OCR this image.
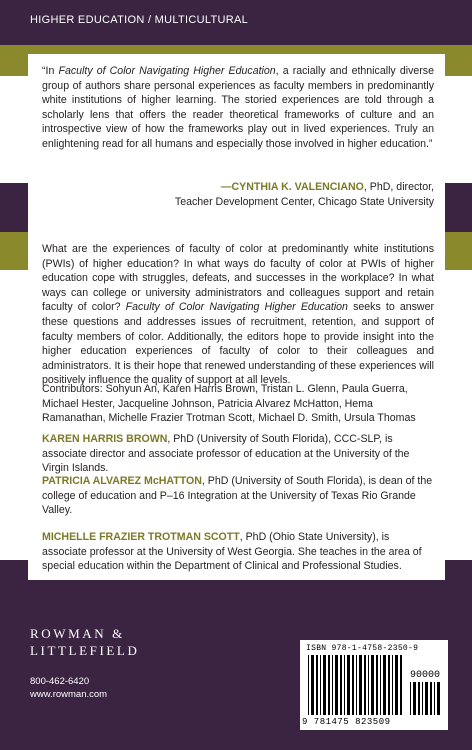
HIGHER EDUCATION / MULTICULTURAL

“In Faculty of Color Navigating Higher Education, a racially and ethnically diverse group of authors share personal experiences as faculty members in predominantly white institutions of higher learning. The storied experiences are told through a scholarly lens that offers the reader theoretical frameworks of culture and an introspective view of how the frameworks play out in lived experiences. Truly an enlightening read for all humans and especially those involved in higher education.”

—CYNTHIA K. VALENCIANO, PhD, director,
Teacher Development Center, Chicago State University

What are the experiences of faculty of color at predominantly white institutions (PWIs) of higher education? In what ways do faculty of color at PWIs of higher education cope with struggles, defeats, and successes in the workplace? In what ways can college or university administrators and colleagues support and retain faculty of color? Faculty of Color Navigating Higher Education seeks to answer these questions and addresses issues of recruitment, retention, and support of faculty members of color. Additionally, the editors hope to provide insight into the higher education experiences of faculty of color to their colleagues and administrators. It is their hope that renewed understanding of these experiences will positively influence the quality of support at all levels.

Contributors: Sohyun An, Karen Harris Brown, Tristan L. Glenn, Paula Guerra, Michael Hester, Jacqueline Johnson, Patricia Alvarez McHatton, Hema Ramanathan, Michelle Frazier Trotman Scott, Michael D. Smith, Ursula Thomas

KAREN HARRIS BROWN, PhD (University of South Florida), CCC-SLP, is associate director and associate professor of education at the University of the Virgin Islands.

PATRICIA ALVAREZ McHATTON, PhD (University of South Florida), is dean of the college of education and P–16 Integration at the University of Texas Rio Grande Valley.

MICHELLE FRAZIER TROTMAN SCOTT, PhD (Ohio State University), is associate professor at the University of West Georgia. She teaches in the area of special education within the Department of Clinical and Professional Studies.

ROWMAN &
LITTLEFIELD
800-462-6420
www.rowman.com
ISBN 978-1-4758-2350-9
90000
9 781475 823509
